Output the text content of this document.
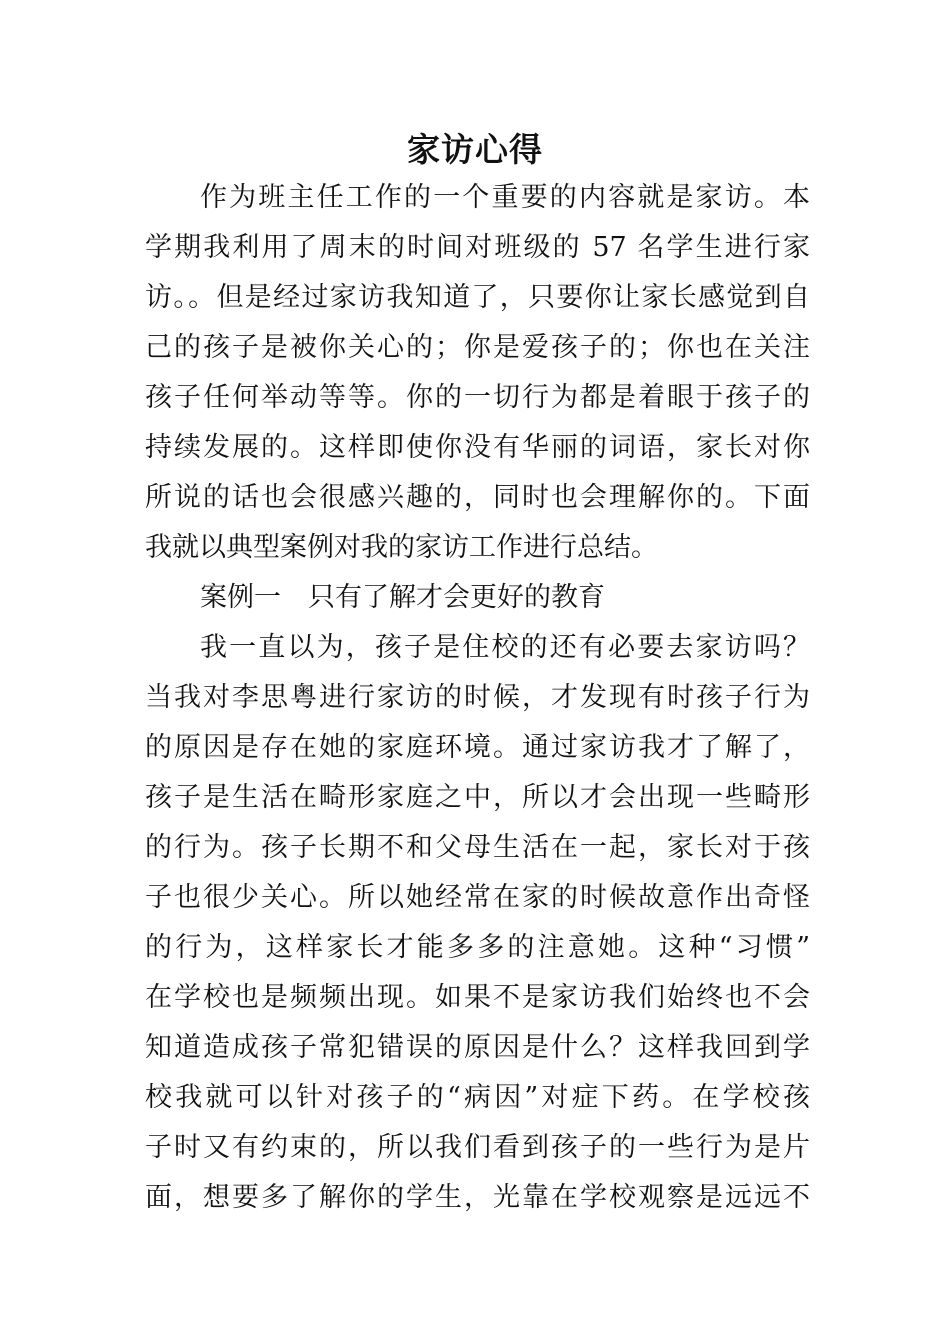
家访心得
作为班主任工作的一个重要的内容就是家访。本
学期我利用了周末的时间对班级的 57 名学生进行家
访。。但是经过家访我知道了，只要你让家长感觉到自
己的孩子是被你关心的；你是爱孩子的；你也在关注
孩子任何举动等等。你的一切行为都是着眼于孩子的
持续发展的。这样即使你没有华丽的词语，家长对你
所说的话也会很感兴趣的，同时也会理解你的。下面
我就以典型案例对我的家访工作进行总结。
案例一　只有了解才会更好的教育
我一直以为，孩子是住校的还有必要去家访吗？
当我对李思粤进行家访的时候，才发现有时孩子行为
的原因是存在她的家庭环境。通过家访我才了解了，
孩子是生活在畸形家庭之中，所以才会出现一些畸形
的行为。孩子长期不和父母生活在一起，家长对于孩
子也很少关心。所以她经常在家的时候故意作出奇怪
的行为，这样家长才能多多的注意她。这种“习惯”
在学校也是频频出现。如果不是家访我们始终也不会
知道造成孩子常犯错误的原因是什么？这样我回到学
校我就可以针对孩子的“病因”对症下药。在学校孩
子时又有约束的，所以我们看到孩子的一些行为是片
面，想要多了解你的学生，光靠在学校观察是远远不
